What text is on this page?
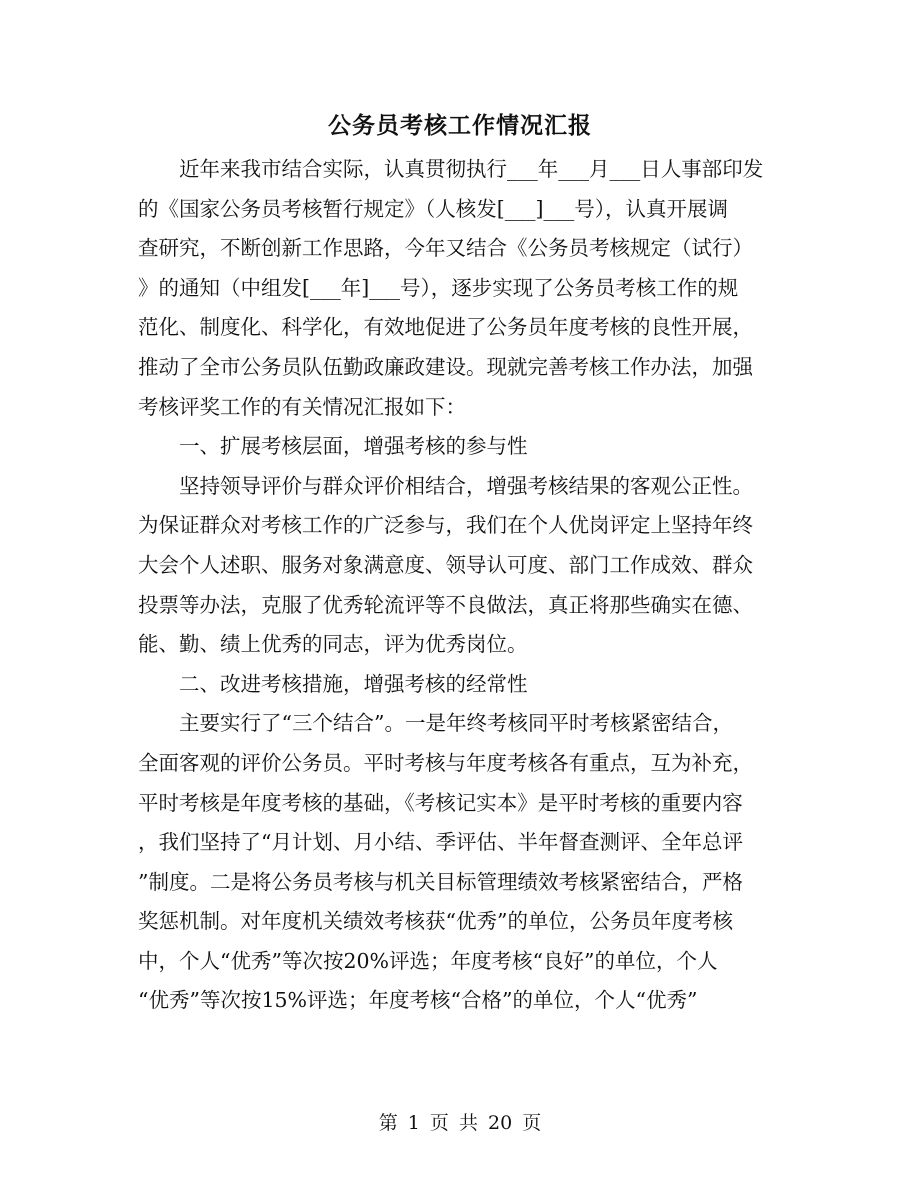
公务员考核工作情况汇报
近年来我市结合实际，认真贯彻执行___年___月___日人事部印发
的《国家公务员考核暂行规定》（人核发[___]___号），认真开展调
查研究，不断创新工作思路，今年又结合《公务员考核规定（试行）
》的通知（中组发[___年]___号），逐步实现了公务员考核工作的规
范化、制度化、科学化，有效地促进了公务员年度考核的良性开展，
推动了全市公务员队伍勤政廉政建设。现就完善考核工作办法，加强
考核评奖工作的有关情况汇报如下：
一、扩展考核层面，增强考核的参与性
坚持领导评价与群众评价相结合，增强考核结果的客观公正性。
为保证群众对考核工作的广泛参与，我们在个人优岗评定上坚持年终
大会个人述职、服务对象满意度、领导认可度、部门工作成效、群众
投票等办法，克服了优秀轮流评等不良做法，真正将那些确实在德、
能、勤、绩上优秀的同志，评为优秀岗位。
二、改进考核措施，增强考核的经常性
主要实行了“三个结合”。一是年终考核同平时考核紧密结合，
全面客观的评价公务员。平时考核与年度考核各有重点，互为补充，
平时考核是年度考核的基础，《考核记实本》是平时考核的重要内容
，我们坚持了“月计划、月小结、季评估、半年督查测评、全年总评
”制度。二是将公务员考核与机关目标管理绩效考核紧密结合，严格
奖惩机制。对年度机关绩效考核获“优秀”的单位，公务员年度考核
中，个人“优秀”等次按20%评选；年度考核“良好”的单位，个人
“优秀”等次按15%评选；年度考核“合格”的单位，个人“优秀”
第 1 页 共 20 页
